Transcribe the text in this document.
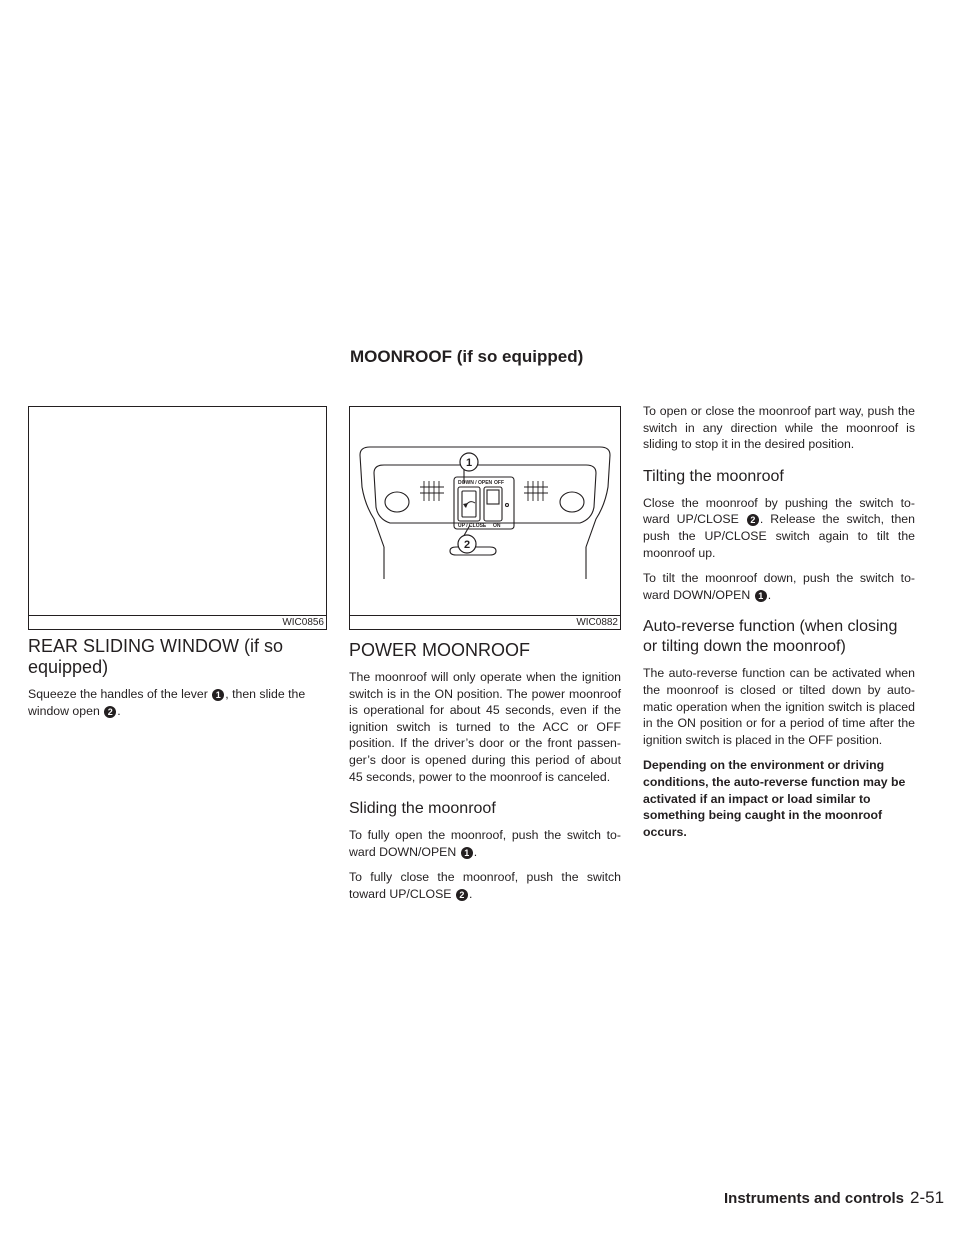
MOONROOF (if so equipped)
WIC0856
DOWN / OPEN OFF
UP / CLOSE ON
1
2
WIC0882
REAR SLIDING WINDOW (if so equipped)

Squeeze the handles of the lever 1 , then slide the window open 2 .

POWER MOONROOF

The moonroof will only operate when the ignition switch is in the ON position. The power moonroof is operational for about 45 seconds, even if the ignition switch is turned to the ACC or OFF position. If the driver’s door or the front passen- ger’s door is opened during this period of about 45 seconds, power to the moonroof is canceled.

Sliding the moonroof

To fully open the moonroof, push the switch to- ward DOWN/OPEN 1 .

To fully close the moonroof, push the switch toward UP/CLOSE 2 .

To open or close the moonroof part way, push the switch in any direction while the moonroof is sliding to stop it in the desired position.

Tilting the moonroof

Close the moonroof by pushing the switch to- ward UP/CLOSE 2 . Release the switch, then push the UP/CLOSE switch again to tilt the moonroof up.

To tilt the moonroof down, push the switch to- ward DOWN/OPEN 1 .

Auto-reverse function (when closing or tilting down the moonroof)

The auto-reverse function can be activated when the moonroof is closed or tilted down by auto- matic operation when the ignition switch is placed in the ON position or for a period of time after the ignition switch is placed in the OFF position.

Depending on the environment or driving conditions, the auto-reverse function may be activated if an impact or load similar to something being caught in the moonroof occurs.

Instruments and controls 2-51
